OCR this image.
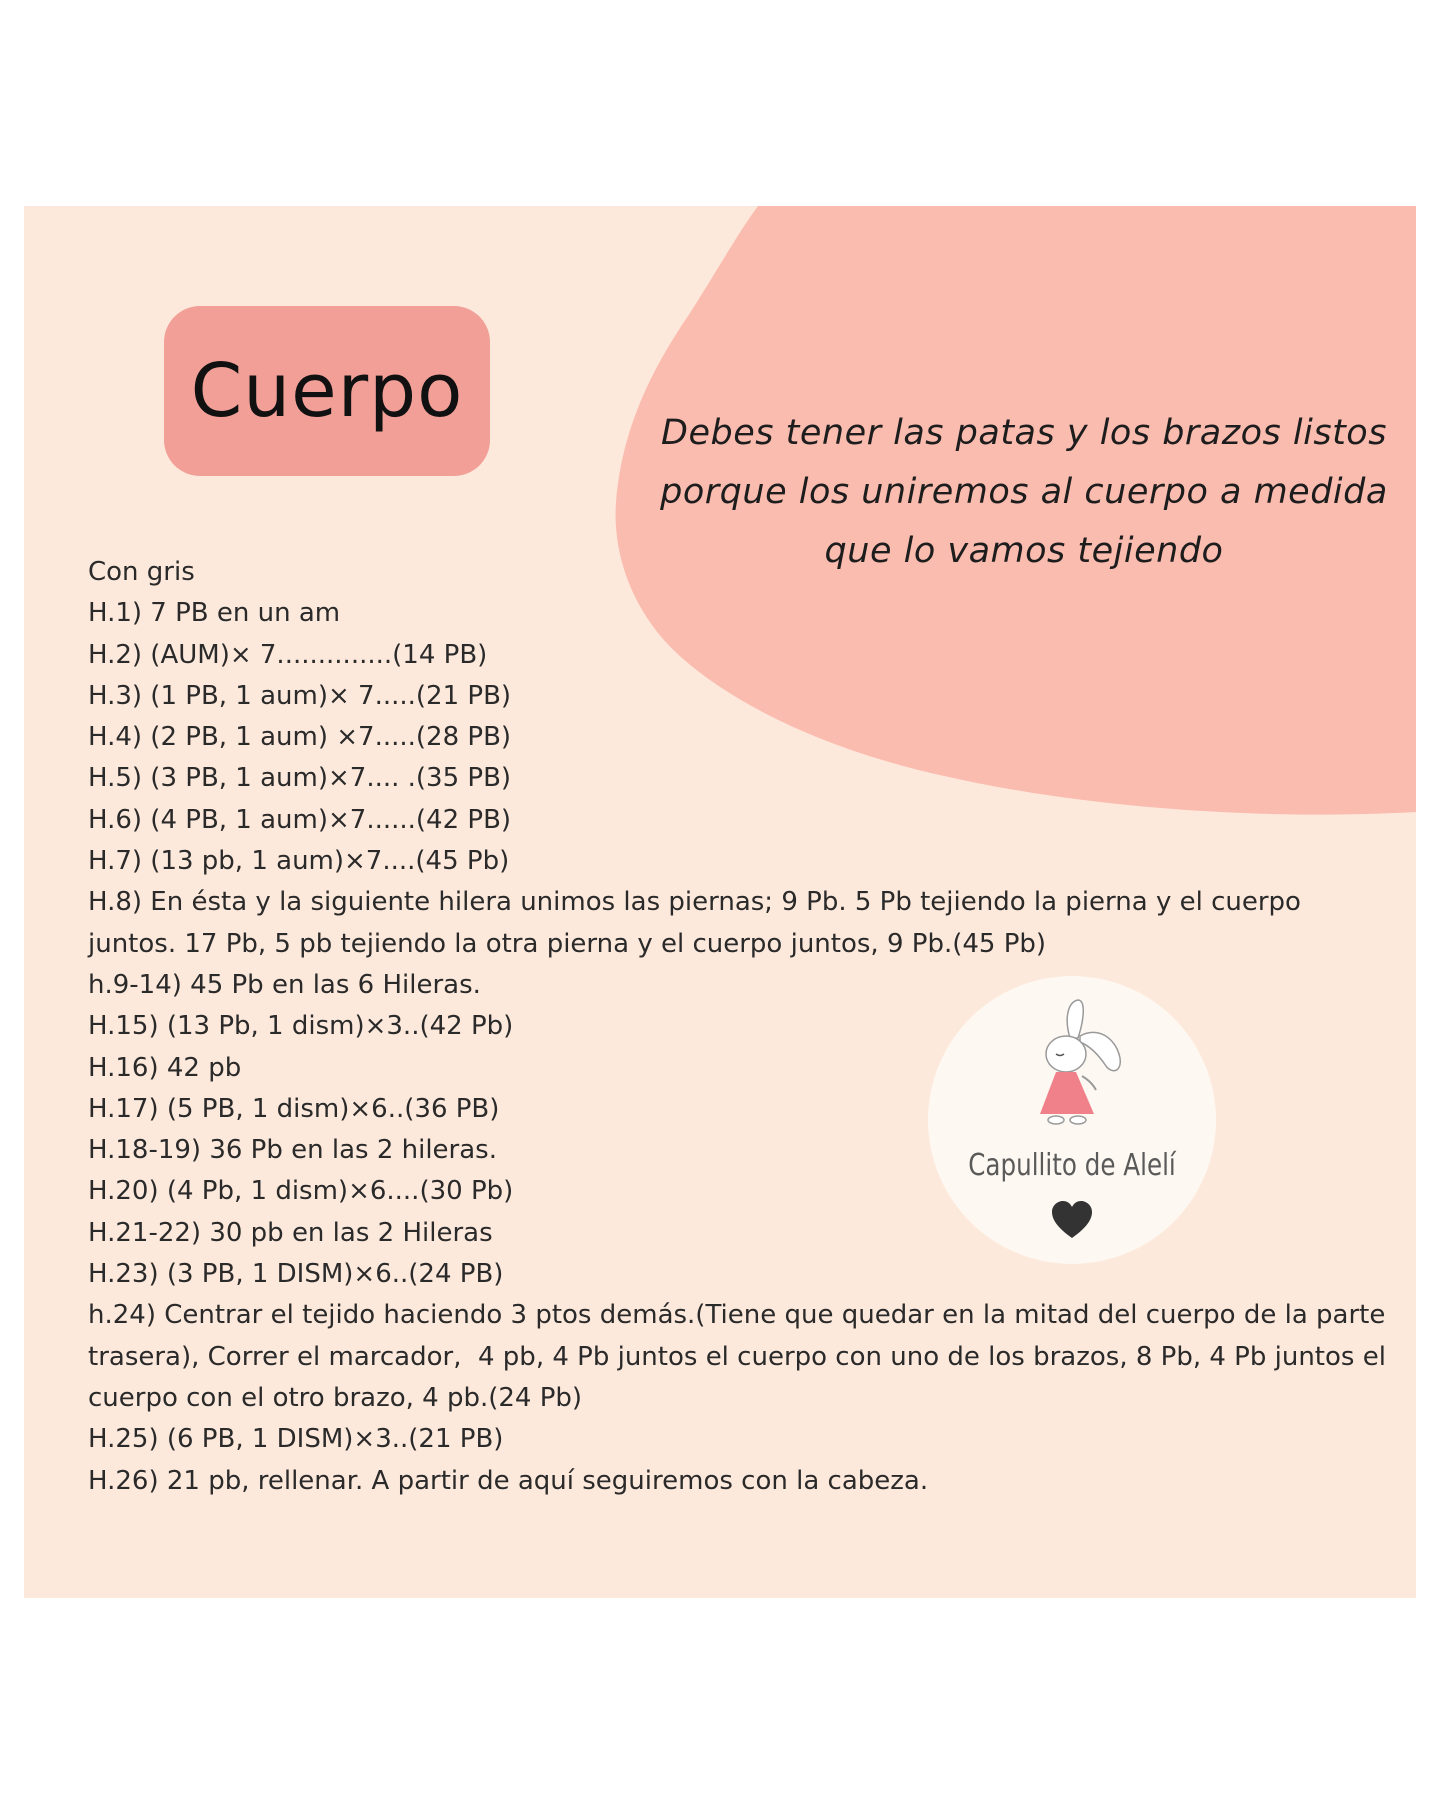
Cuerpo	Debes tener las patas y los brazos listos porque los uniremos al cuerpo a medida que lo vamos tejiendo
Con gris
H.1) 7 PB en un am
H.2) (AUM)× 7..............(14 PB)
H.3) (1 PB, 1 aum)× 7.....(21 PB)
H.4) (2 PB, 1 aum) ×7.....(28 PB)
H.5) (3 PB, 1 aum)×7.... .(35 PB)
H.6) (4 PB, 1 aum)×7......(42 PB)
H.7) (13 pb, 1 aum)×7....(45 Pb)
H.8) En ésta y la siguiente hilera unimos las piernas; 9 Pb. 5 Pb tejiendo la pierna y el cuerpo juntos. 17 Pb, 5 pb tejiendo la otra pierna y el cuerpo juntos, 9 Pb.(45 Pb)
h.9-14) 45 Pb en las 6 Hileras.
H.15) (13 Pb, 1 dism)×3..(42 Pb)
H.16) 42 pb
H.17) (5 PB, 1 dism)×6..(36 PB)
H.18-19) 36 Pb en las 2 hileras.
H.20) (4 Pb, 1 dism)×6....(30 Pb)
H.21-22) 30 pb en las 2 Hileras
H.23) (3 PB, 1 DISM)×6..(24 PB)
h.24) Centrar el tejido haciendo 3 ptos demás.(Tiene que quedar en la mitad del cuerpo de la parte trasera), Correr el marcador,  4 pb, 4 Pb juntos el cuerpo con uno de los brazos, 8 Pb, 4 Pb juntos el cuerpo con el otro brazo, 4 pb.(24 Pb)
H.25) (6 PB, 1 DISM)×3..(21 PB)
H.26) 21 pb, rellenar. A partir de aquí seguiremos con la cabeza.
Capullito de Alelí
